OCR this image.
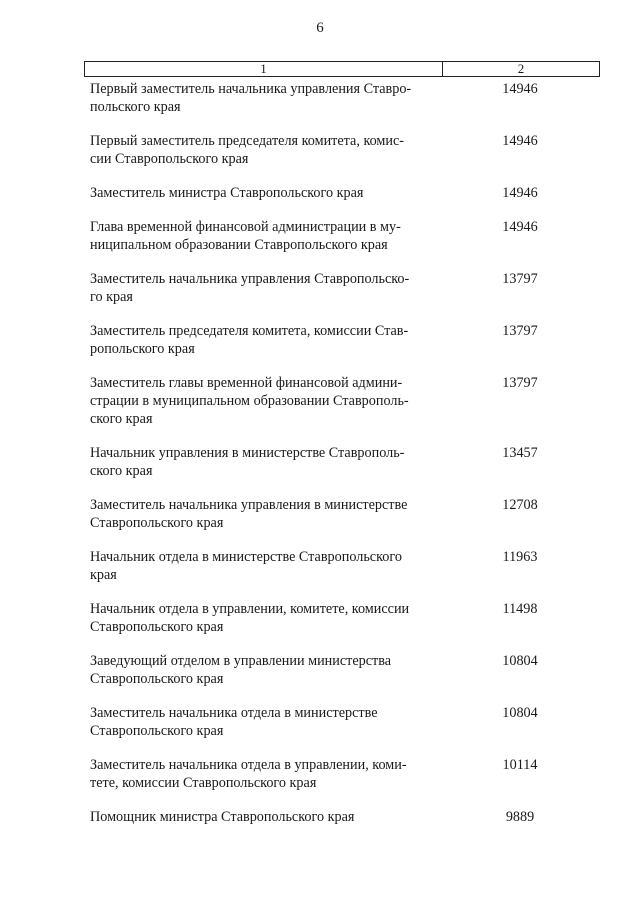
6
1	2
Первый заместитель начальника управления Ставро-
польского края
14946
Первый заместитель председателя комитета, комис-
сии Ставропольского края
14946
Заместитель министра Ставропольского края	14946
Глава временной финансовой администрации в му-
ниципальном образовании Ставропольского края
14946
Заместитель начальника управления Ставропольско-
го края
13797
Заместитель председателя комитета, комиссии Став-
ропольского края
13797
Заместитель главы временной финансовой админи-
страции в муниципальном образовании Ставрополь-
ского края
13797
Начальник управления в министерстве Ставрополь-
ского края
13457
Заместитель начальника управления в министерстве
Ставропольского края
12708
Начальник отдела в министерстве Ставропольского
края
11963
Начальник отдела в управлении, комитете, комиссии
Ставропольского края
11498
Заведующий отделом в управлении министерства
Ставропольского края
10804
Заместитель начальника отдела в министерстве
Ставропольского края
10804
Заместитель начальника отдела в управлении, коми-
тете, комиссии Ставропольского края
10114
Помощник министра Ставропольского края	9889
